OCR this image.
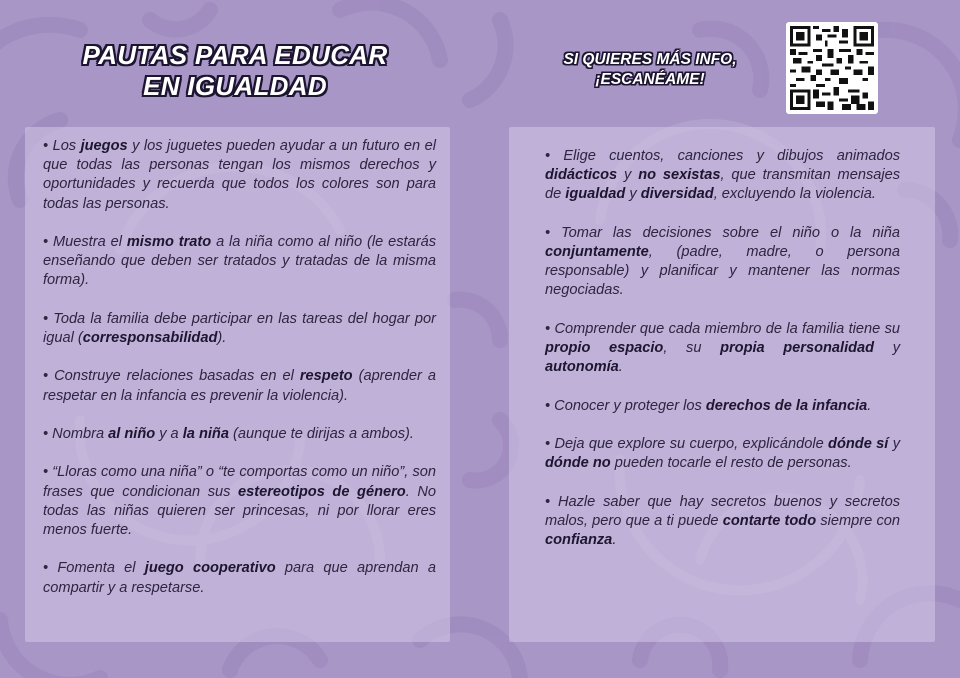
PAUTAS PARA EDUCAR
EN IGUALDAD
SI QUIERES MÁS INFO,
¡ESCANÉAME!

• Los juegos y los juguetes pueden ayudar a un futuro en el que todas las personas tengan los mismos derechos y oportunidades y recuerda que todos los colores son para todas las personas.

• Muestra el mismo trato a la niña como al niño (le estarás enseñando que deben ser tratados y tratadas de la misma forma).

• Toda la familia debe participar en las tareas del hogar por igual (corresponsabilidad).

• Construye relaciones basadas en el respeto (aprender a respetar en la infancia es prevenir la violencia).

• Nombra al niño y a la niña (aunque te dirijas a ambos).

• “Lloras como una niña” o “te comportas como un niño”, son frases que condicionan sus estereotipos de género. No todas las niñas quieren ser princesas, ni por llorar eres menos fuerte.

• Fomenta el juego cooperativo para que aprendan a compartir y a respetarse.

• Elige cuentos, canciones y dibujos animados didácticos y no sexistas, que transmitan mensajes de igualdad y diversidad, excluyendo la violencia.

• Tomar las decisiones sobre el niño o la niña conjuntamente, (padre, madre, o persona responsable) y planificar y mantener las normas negociadas.

• Comprender que cada miembro de la familia tiene su propio espacio, su propia personalidad y autonomía.

• Conocer y proteger los derechos de la infancia.

• Deja que explore su cuerpo, explicándole dónde sí y dónde no pueden tocarle el resto de personas.

• Hazle saber que hay secretos buenos y secretos malos, pero que a ti puede contarte todo siempre con confianza.
